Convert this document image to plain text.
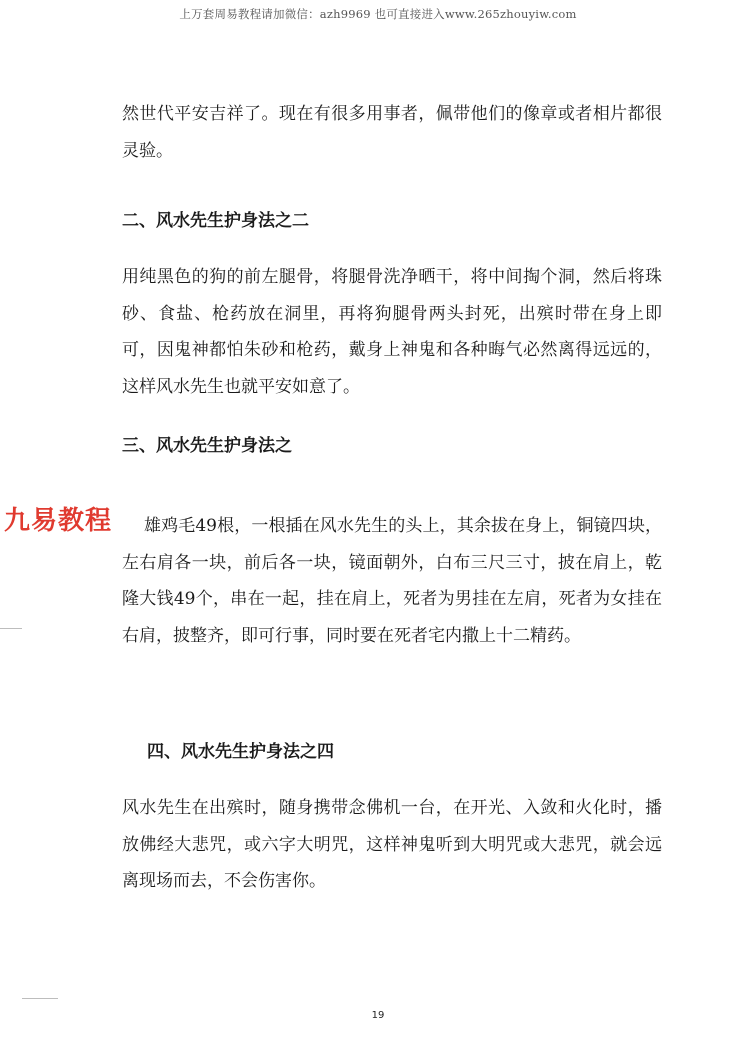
上万套周易教程请加微信：azh9969 也可直接进入www.265zhouyiw.com

然世代平安吉祥了。现在有很多用事者，佩带他们的像章或者相片都很灵验。

二、风水先生护身法之二

用纯黑色的狗的前左腿骨，将腿骨洗净晒干，将中间掏个洞，然后将珠砂、食盐、枪药放在洞里，再将狗腿骨两头封死，出殡时带在身上即可，因鬼神都怕朱砂和枪药，戴身上神鬼和各种晦气必然离得远远的，这样风水先生也就平安如意了。

三、风水先生护身法之

雄鸡毛49根，一根插在风水先生的头上，其余拔在身上，铜镜四块，左右肩各一块，前后各一块，镜面朝外，白布三尺三寸，披在肩上，乾隆大钱49个，串在一起，挂在肩上，死者为男挂在左肩，死者为女挂在右肩，披整齐，即可行事，同时要在死者宅内撒上十二精药。

九易教程
四、风水先生护身法之四

风水先生在出殡时，随身携带念佛机一台，在开光、入敛和火化时，播放佛经大悲咒，或六字大明咒，这样神鬼听到大明咒或大悲咒，就会远离现场而去，不会伤害你。

19
